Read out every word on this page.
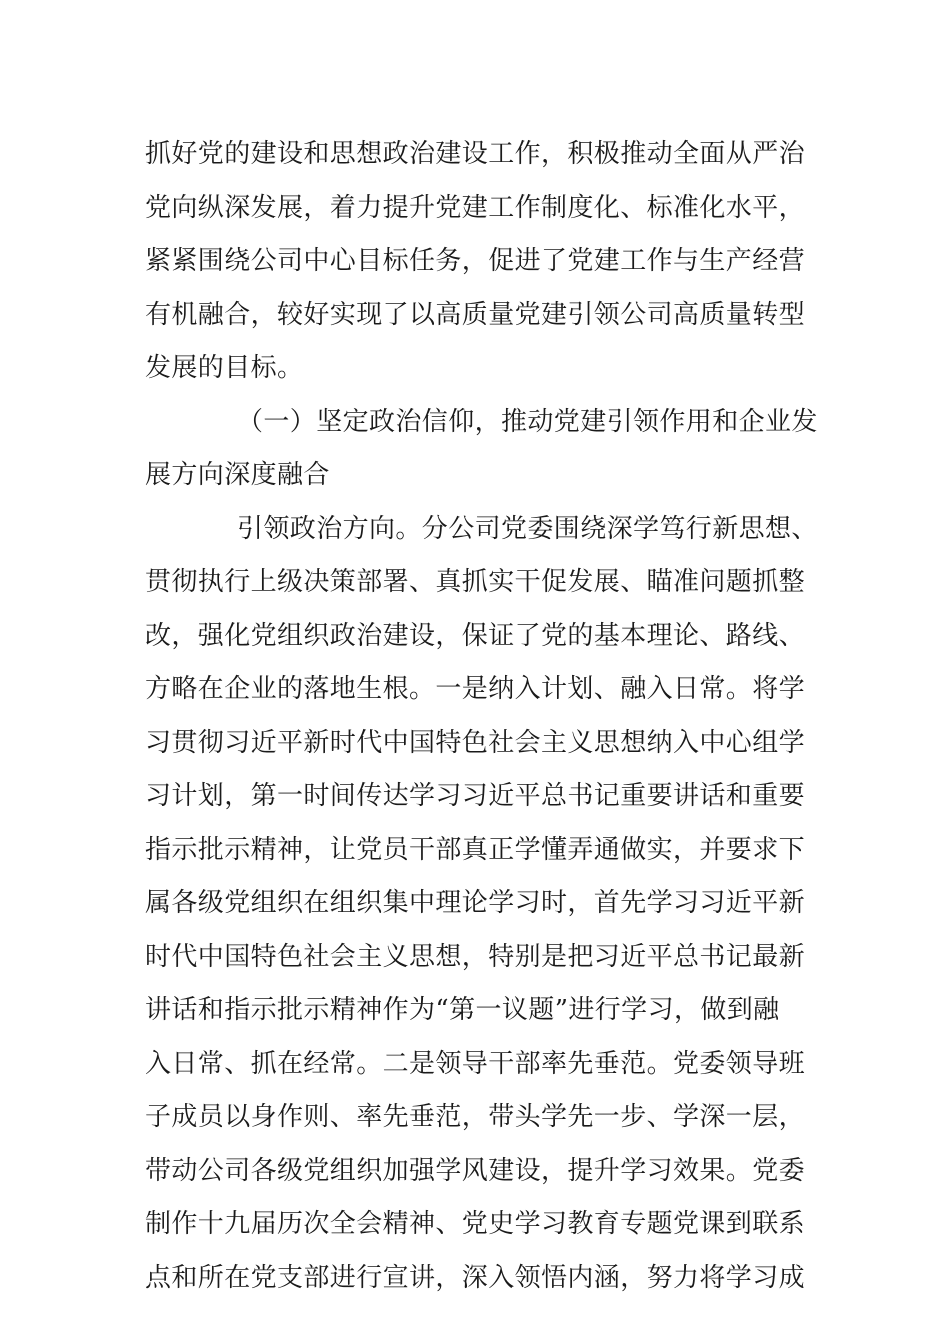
抓好党的建设和思想政治建设工作，积极推动全面从严治
党向纵深发展，着力提升党建工作制度化、标准化水平，
紧紧围绕公司中心目标任务，促进了党建工作与生产经营
有机融合，较好实现了以高质量党建引领公司高质量转型
发展的目标。
（一）坚定政治信仰，推动党建引领作用和企业发
展方向深度融合
引领政治方向。分公司党委围绕深学笃行新思想、
贯彻执行上级决策部署、真抓实干促发展、瞄准问题抓整
改，强化党组织政治建设，保证了党的基本理论、路线、
方略在企业的落地生根。一是纳入计划、融入日常。将学
习贯彻习近平新时代中国特色社会主义思想纳入中心组学
习计划，第一时间传达学习习近平总书记重要讲话和重要
指示批示精神，让党员干部真正学懂弄通做实，并要求下
属各级党组织在组织集中理论学习时，首先学习习近平新
时代中国特色社会主义思想，特别是把习近平总书记最新
讲话和指示批示精神作为“第一议题”进行学习，做到融
入日常、抓在经常。二是领导干部率先垂范。党委领导班
子成员以身作则、率先垂范，带头学先一步、学深一层，
带动公司各级党组织加强学风建设，提升学习效果。党委
制作十九届历次全会精神、党史学习教育专题党课到联系
点和所在党支部进行宣讲，深入领悟内涵，努力将学习成
